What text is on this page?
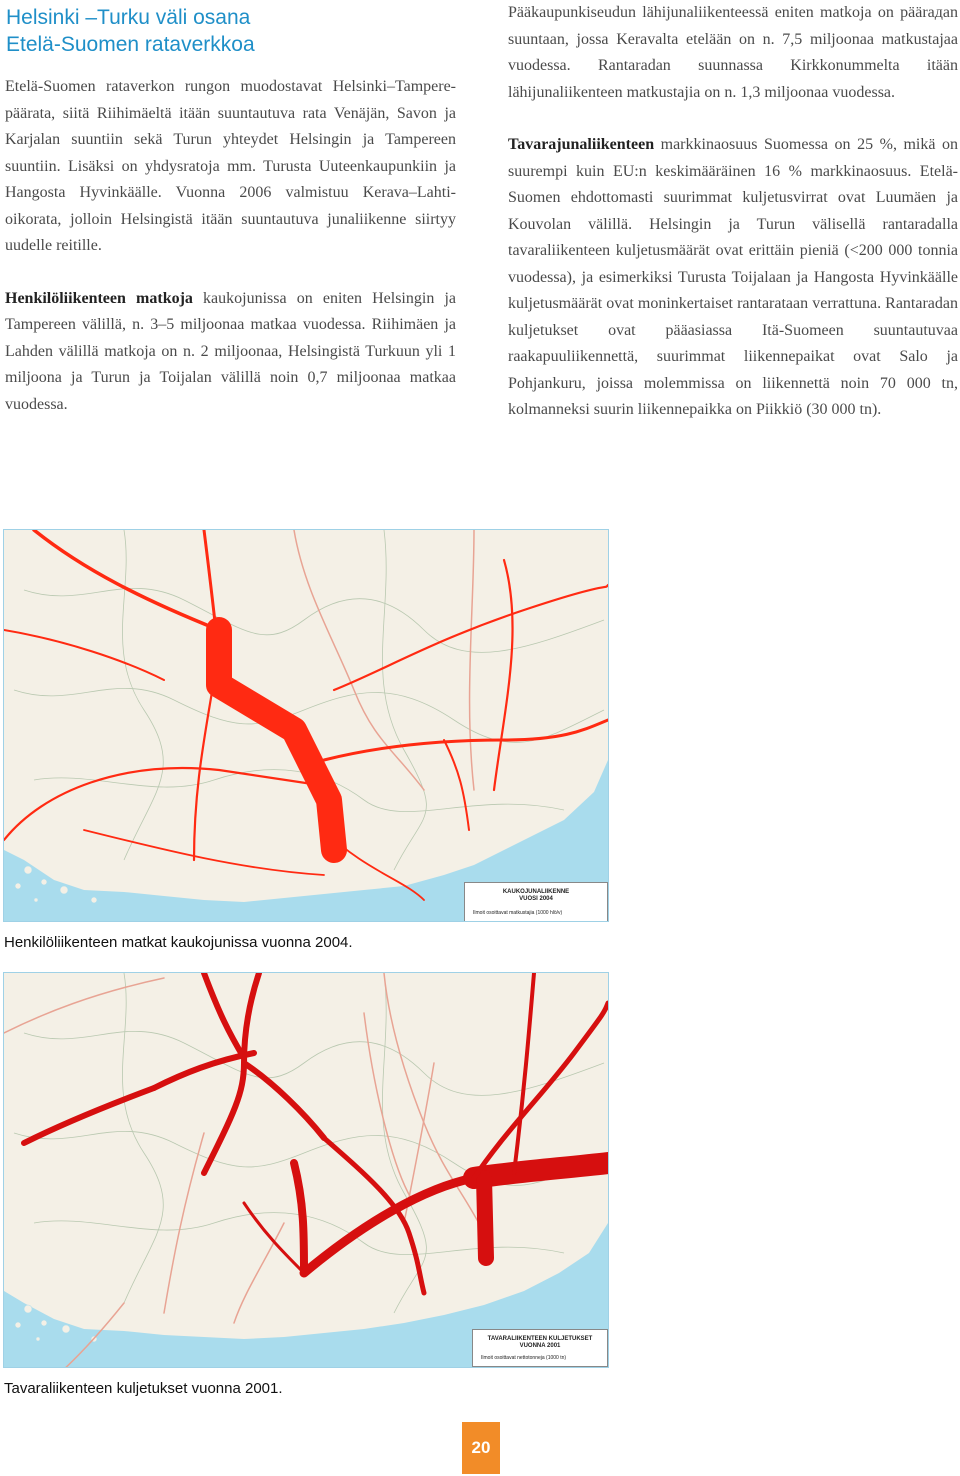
Helsinki –Turku väli osana
Etelä-Suomen rataverkkoa

Etelä-Suomen rataverkon rungon muodostavat Helsinki–Tampere-päärata, siitä Riihimäeltä itään suuntautuva rata Venäjän, Savon ja Karjalan suuntiin sekä Turun yhteydet Helsingin ja Tampereen suuntiin. Lisäksi on yhdysratoja mm. Turusta Uuteenkaupunkiin ja Hangosta Hyvinkäälle. Vuonna 2006 valmistuu Kerava–Lahti-oikorata, jolloin Helsingistä itään suuntautuva junaliikenne siirtyy uudelle reitille.

Henkilöliikenteen matkoja kaukojunissa on eniten Helsingin ja Tampereen välillä, n. 3–5 miljoonaa matkaa vuodessa. Riihimäen ja Lahden välillä matkoja on n. 2 miljoonaa, Helsingistä Turkuun yli 1 miljoona ja Turun ja Toijalan välillä noin 0,7 miljoonaa matkaa vuodessa.

Pääkaupunkiseudun lähijunaliikenteessä eniten matkoja on päärадan suuntaan, jossa Keravalta etelään on n. 7,5 miljoonaa matkustajaa vuodessa. Rantaradan suunnassa Kirkkonummelta itään lähijunaliikenteen matkustajia on n. 1,3 miljoonaa vuodessa.

Tavarajunaliikenteen markkinaosuus Suomessa on 25 %, mikä on suurempi kuin EU:n keskimääräinen 16 % markkinaosuus. Etelä-Suomen ehdottomasti suurimmat kuljetusvirrat ovat Luumäen ja Kouvolan välillä. Helsingin ja Turun välisellä rantaradalla tavaraliikenteen kuljetusmäärät ovat erittäin pieniä (<200 000 tonnia vuodessa), ja esimerkiksi Turusta Toijalaan ja Hangosta Hyvinkäälle kuljetusmäärät ovat moninkertaiset rantarataan verrattuna. Rantaradan kuljetukset ovat pääasiassa Itä-Suomeen suuntautuvaa raakapuuliikennettä, suurimmat liikennepaikat ovat Salo ja Pohjankuru, joissa molemmissa on liikennettä noin 70 000 tn, kolmanneksi suurin liikennepaikka on Piikkiö (30 000 tn).

KAUKOJUNALIIKENNE
VUOSI 2004
Ilmoit osoittavat matkustajia (1000 hlö/v)

Henkilöliikenteen matkat kaukojunissa vuonna 2004.

TAVARALIIKENTEEN KULJETUKSET
VUONNA 2001
Ilmoit osoittavat nettotonneja (1000 tn)

Tavaraliikenteen kuljetukset vuonna 2001.

20
